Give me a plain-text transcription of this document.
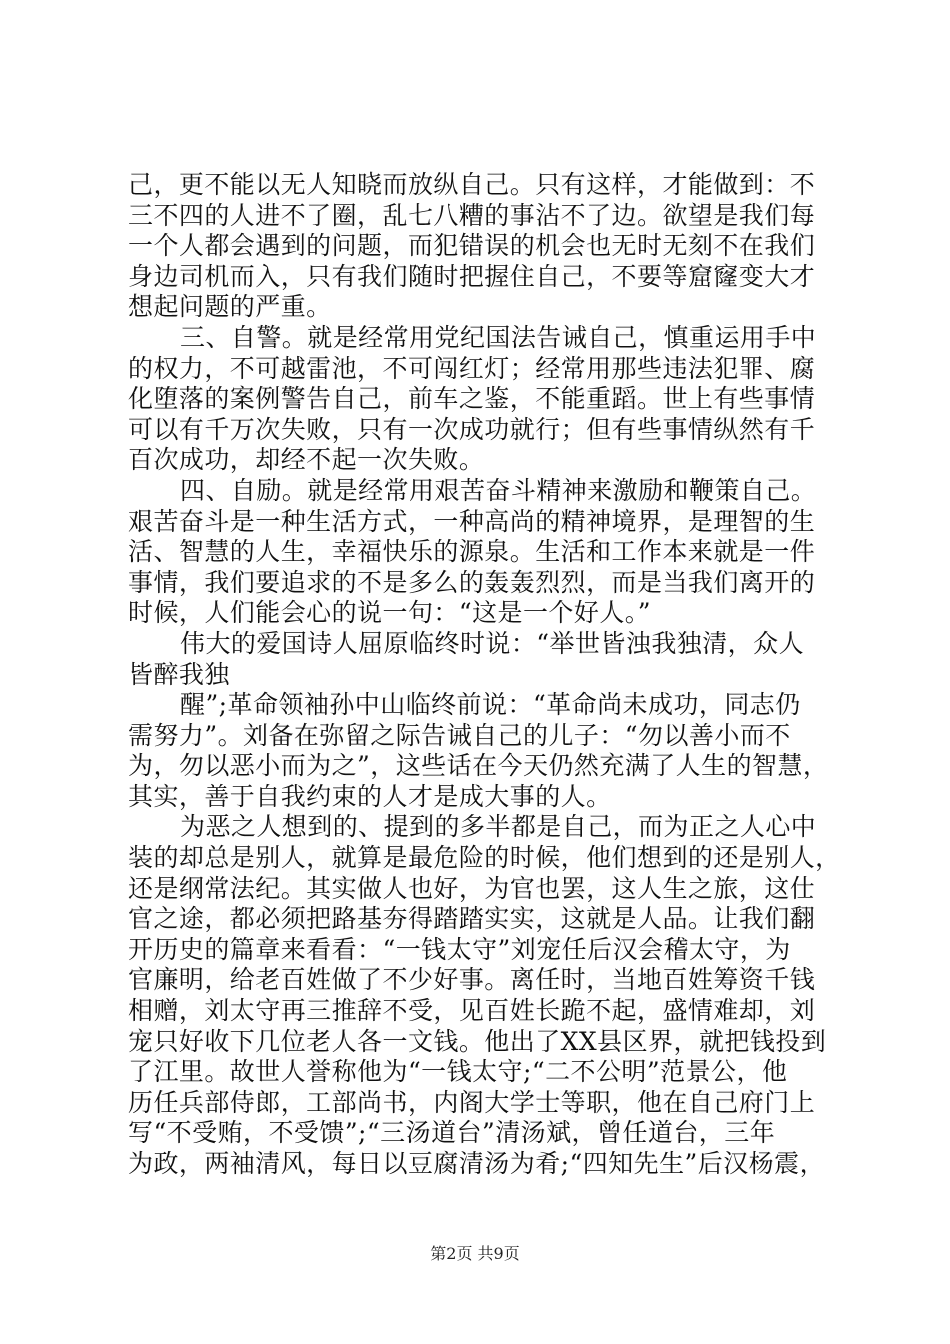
己，更不能以无人知晓而放纵自己。只有这样，才能做到：不
三不四的人进不了圈，乱七八糟的事沾不了边。欲望是我们每
一个人都会遇到的问题，而犯错误的机会也无时无刻不在我们
身边司机而入，只有我们随时把握住自己，不要等窟窿变大才
想起问题的严重。
三、自警。就是经常用党纪国法告诫自己，慎重运用手中
的权力，不可越雷池，不可闯红灯；经常用那些违法犯罪、腐
化堕落的案例警告自己，前车之鉴，不能重蹈。世上有些事情
可以有千万次失败，只有一次成功就行；但有些事情纵然有千
百次成功，却经不起一次失败。
四、自励。就是经常用艰苦奋斗精神来激励和鞭策自己。
艰苦奋斗是一种生活方式，一种高尚的精神境界，是理智的生
活、智慧的人生，幸福快乐的源泉。生活和工作本来就是一件
事情，我们要追求的不是多么的轰轰烈烈，而是当我们离开的
时候，人们能会心的说一句：“这是一个好人。”
伟大的爱国诗人屈原临终时说：“举世皆浊我独清，众人
皆醉我独
醒”;革命领袖孙中山临终前说：“革命尚未成功，同志仍
需努力”。刘备在弥留之际告诫自己的儿子：“勿以善小而不
为，勿以恶小而为之”，这些话在今天仍然充满了人生的智慧，
其实，善于自我约束的人才是成大事的人。
为恶之人想到的、提到的多半都是自己，而为正之人心中
装的却总是别人，就算是最危险的时候，他们想到的还是别人，
还是纲常法纪。其实做人也好，为官也罢，这人生之旅，这仕
官之途，都必须把路基夯得踏踏实实，这就是人品。让我们翻
开历史的篇章来看看：“一钱太守”刘宠任后汉会稽太守，为
官廉明，给老百姓做了不少好事。离任时，当地百姓筹资千钱
相赠，刘太守再三推辞不受，见百姓长跪不起，盛情难却，刘
宠只好收下几位老人各一文钱。他出了XX县区界，就把钱投到
了江里。故世人誉称他为“一钱太守;“二不公明”范景公，他
历任兵部侍郎，工部尚书，内阁大学士等职，他在自己府门上
写“不受贿，不受馈”;“三汤道台”清汤斌，曾任道台，三年
为政，两袖清风，每日以豆腐清汤为肴;“四知先生”后汉杨震，
第2页 共9页
